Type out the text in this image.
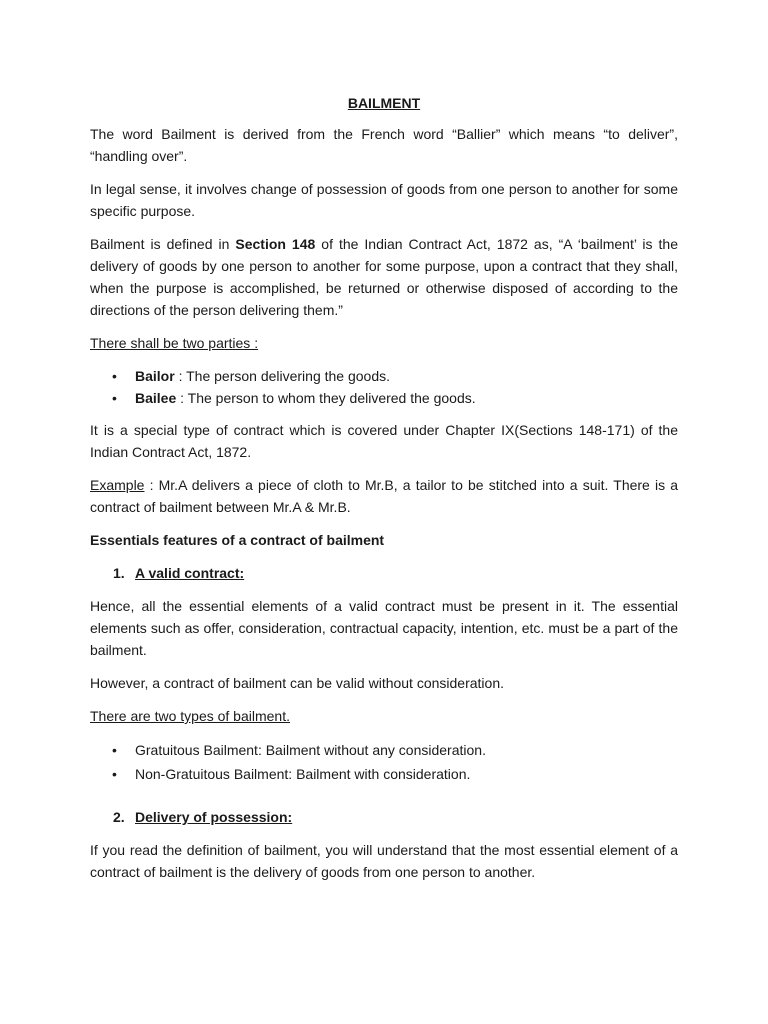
BAILMENT

The word Bailment is derived from the French word “Ballier” which means “to deliver”, “handling over”.

In legal sense, it involves change of possession of goods from one person to another for some specific purpose.

Bailment is defined in Section 148 of the Indian Contract Act, 1872 as, “A ‘bailment’ is the delivery of goods by one person to another for some purpose, upon a contract that they shall, when the purpose is accomplished, be returned or otherwise disposed of according to the directions of the person delivering them.”

There shall be two parties :

• Bailor : The person delivering the goods.
• Bailee : The person to whom they delivered the goods.

It is a special type of contract which is covered under Chapter IX(Sections 148-171) of the Indian Contract Act, 1872.

Example : Mr.A delivers a piece of cloth to Mr.B, a tailor to be stitched into a suit. There is a contract of bailment between Mr.A & Mr.B.

Essentials features of a contract of bailment

1. A valid contract:

Hence, all the essential elements of a valid contract must be present in it. The essential elements such as offer, consideration, contractual capacity, intention, etc. must be a part of the bailment.

However, a contract of bailment can be valid without consideration.

There are two types of bailment.

• Gratuitous Bailment: Bailment without any consideration.
• Non-Gratuitous Bailment: Bailment with consideration.
2. Delivery of possession:

If you read the definition of bailment, you will understand that the most essential element of a contract of bailment is the delivery of goods from one person to another.
